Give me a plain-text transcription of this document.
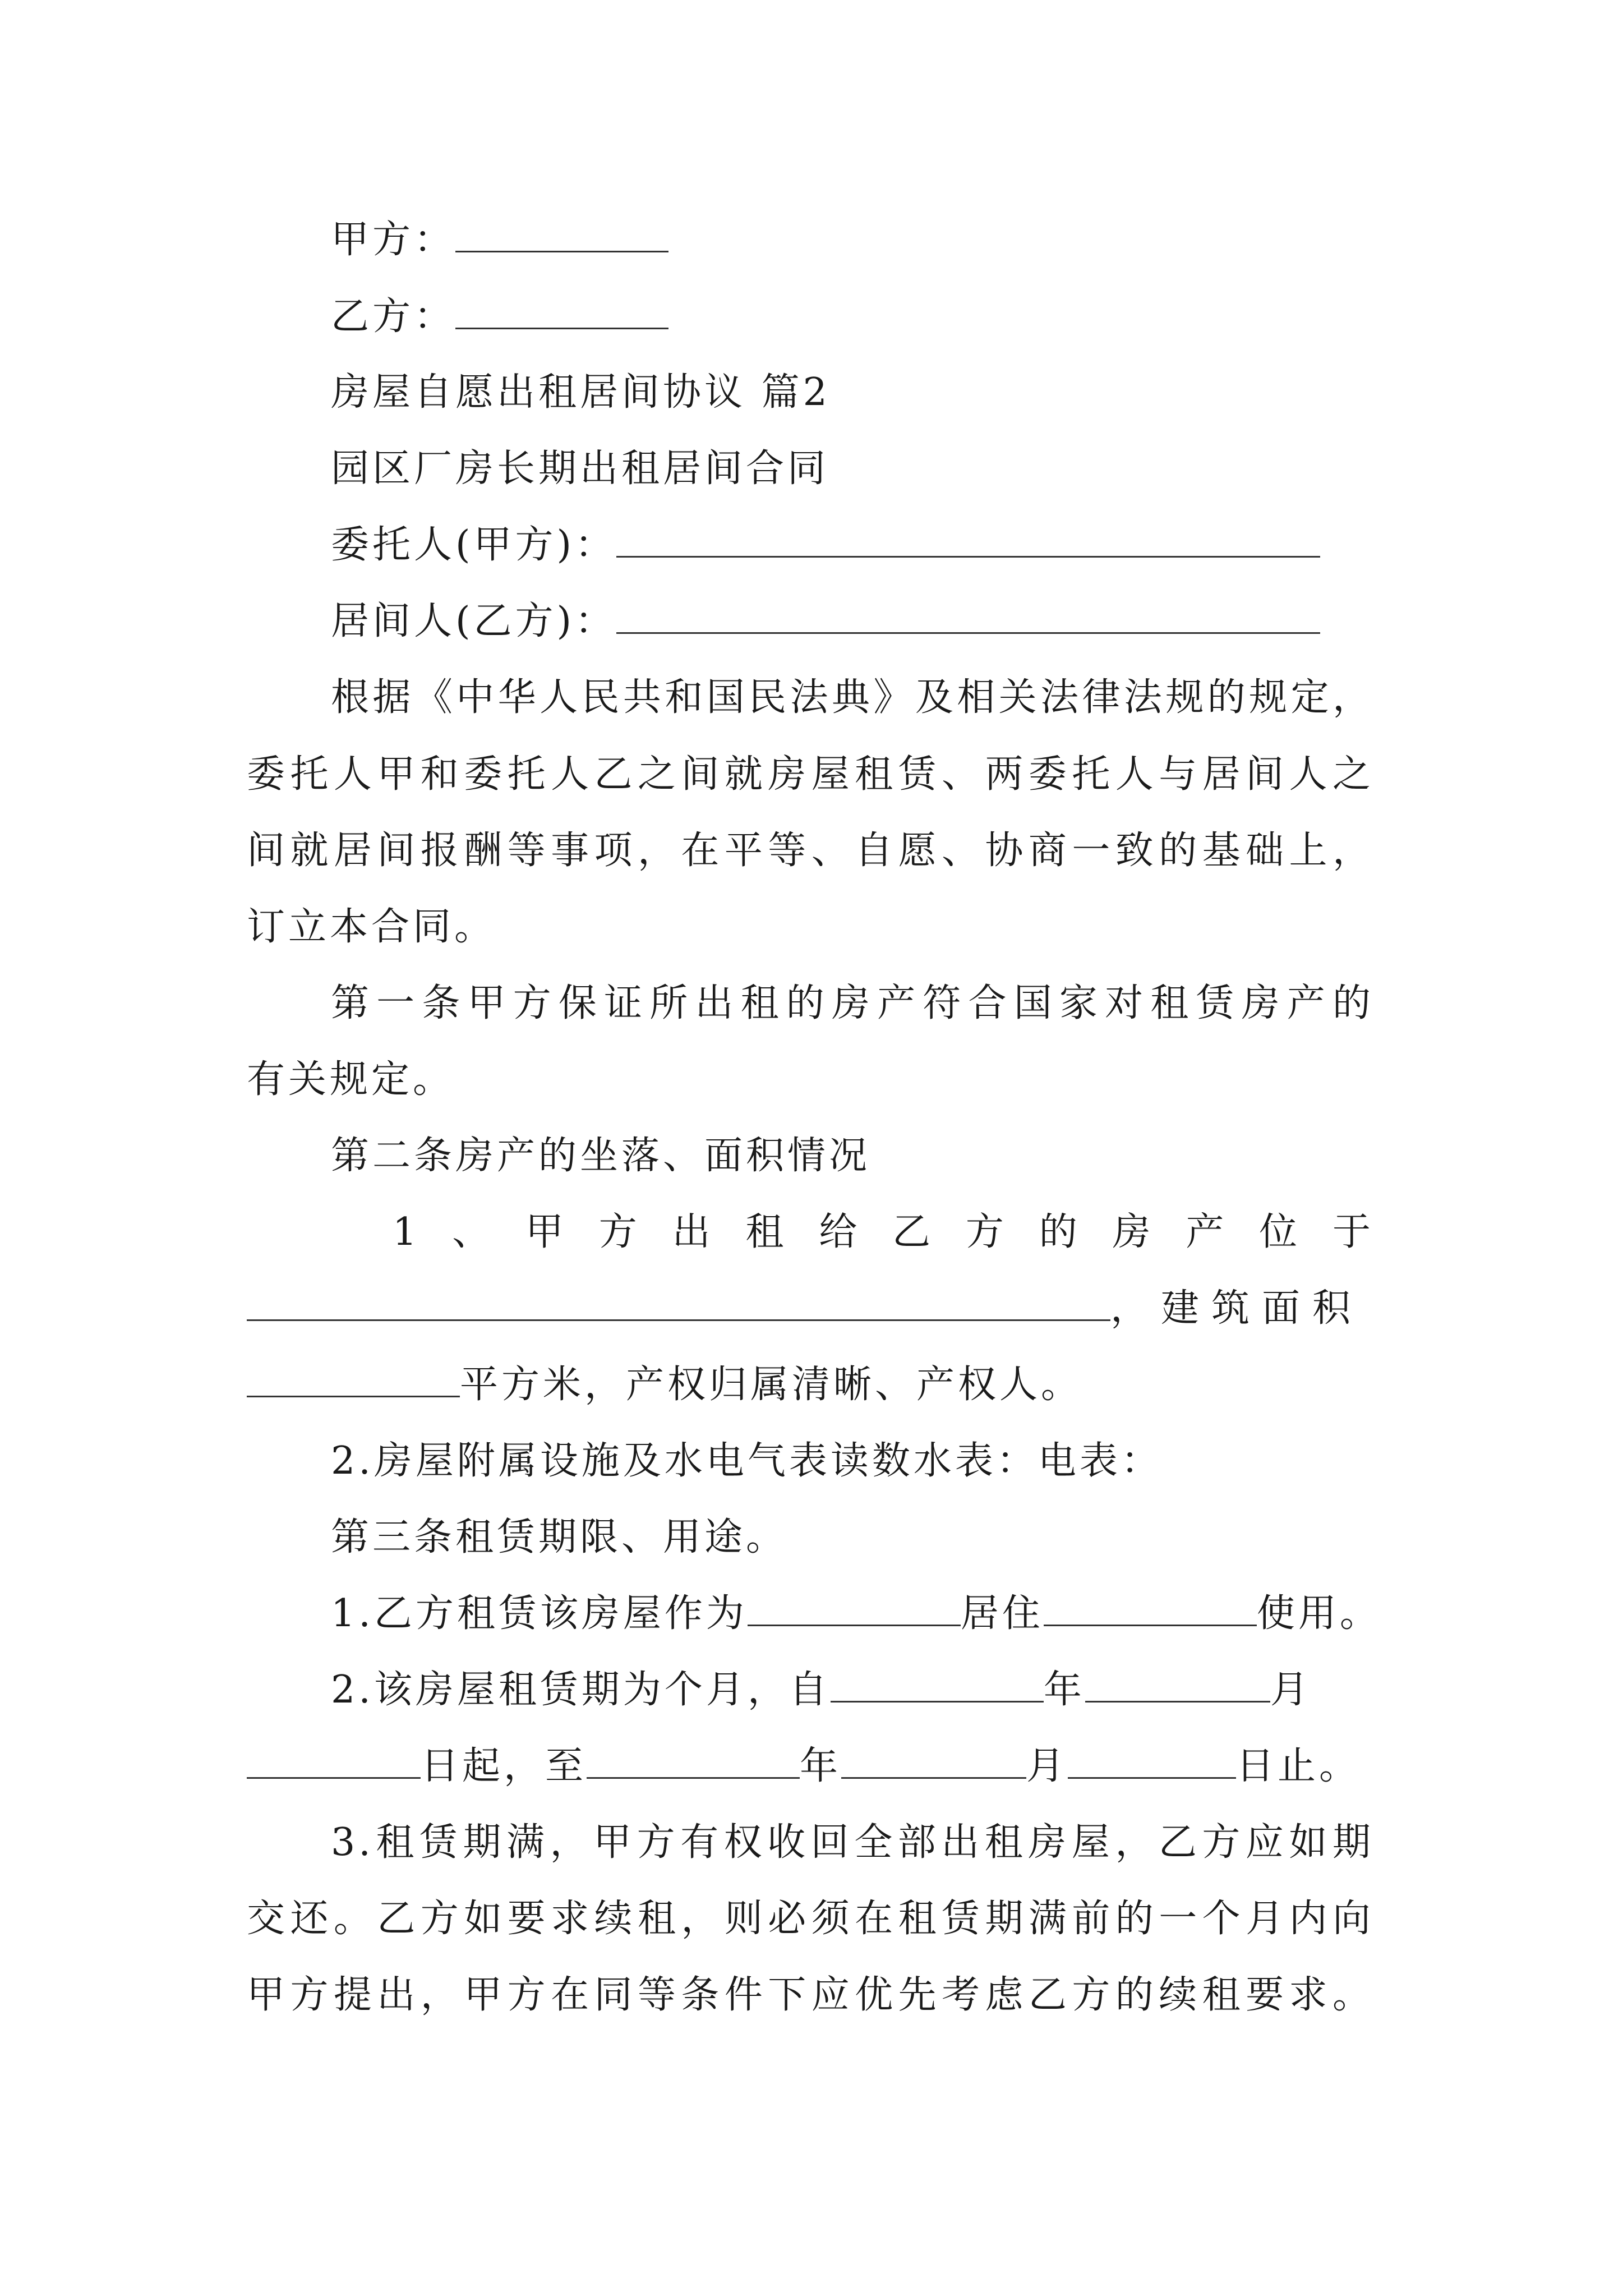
甲方：
乙方：
房屋自愿出租居间协议 篇2
园区厂房长期出租居间合同
委托人(甲方)：
居间人(乙方)：
根据《中华人民共和国民法典》及相关法律法规的规定，
委托人甲和委托人乙之间就房屋租赁、两委托人与居间人之
间就居间报酬等事项，在平等、自愿、协商一致的基础上，
订立本合同。
第一条甲方保证所出租的房产符合国家对租赁房产的
有关规定。
第二条房产的坐落、面积情况
1、甲方出租给乙方的房产位于
，建筑面积
平方米，产权归属清晰、产权人。
2.房屋附属设施及水电气表读数水表：电表：
第三条租赁期限、用途。
1.乙方租赁该房屋作为	居住	使用。
2.该房屋租赁期为个月，自	年	月
日起，至	年	月	日止。
3.租赁期满，甲方有权收回全部出租房屋，乙方应如期
交还。乙方如要求续租，则必须在租赁期满前的一个月内向
甲方提出，甲方在同等条件下应优先考虑乙方的续租要求。
